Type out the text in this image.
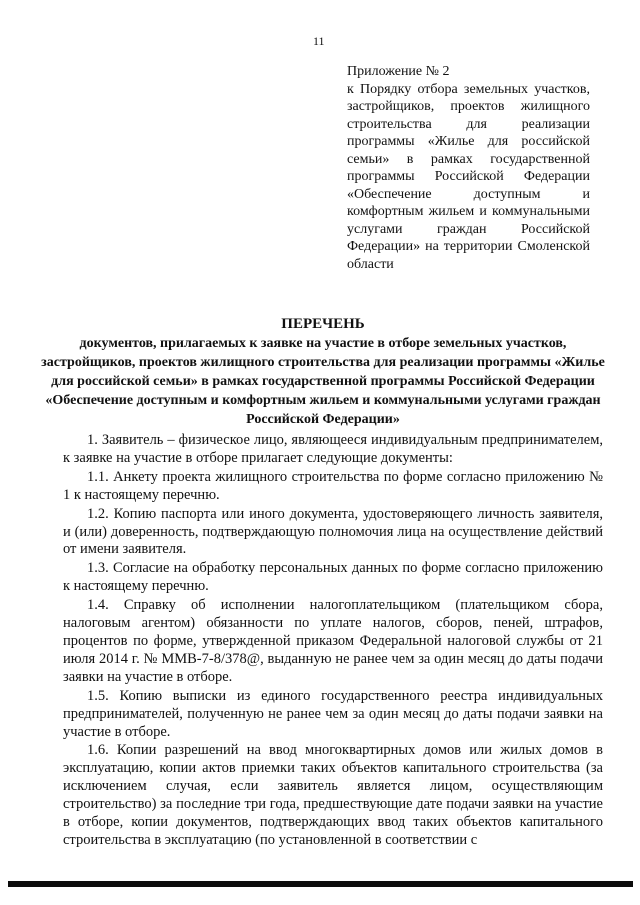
11
Приложение № 2
к Порядку отбора земельных участков, застройщиков, проектов жилищного строительства для реализации программы «Жилье для российской семьи» в рамках государственной программы Российской Федерации «Обеспечение доступным и комфортным жильем и коммунальными услугами граждан Российской Федерации» на территории Смоленской области
ПЕРЕЧЕНЬ
документов, прилагаемых к заявке на участие в отборе земельных участков, застройщиков, проектов жилищного строительства для реализации программы «Жилье для российской семьи» в рамках государственной программы Российской Федерации «Обеспечение доступным и комфортным жильем и коммунальными услугами граждан Российской Федерации»

1. Заявитель – физическое лицо, являющееся индивидуальным предпринимателем, к заявке на участие в отборе прилагает следующие документы:

1.1. Анкету проекта жилищного строительства по форме согласно приложению № 1 к настоящему перечню.

1.2. Копию паспорта или иного документа, удостоверяющего личность заявителя, и (или) доверенность, подтверждающую полномочия лица на осуществление действий от имени заявителя.

1.3. Согласие на обработку персональных данных по форме согласно приложению к настоящему перечню.

1.4. Справку об исполнении налогоплательщиком (плательщиком сбора, налоговым агентом) обязанности по уплате налогов, сборов, пеней, штрафов, процентов по форме, утвержденной приказом Федеральной налоговой службы от 21 июля 2014 г. № ММВ-7-8/378@, выданную не ранее чем за один месяц до даты подачи заявки на участие в отборе.

1.5. Копию выписки из единого государственного реестра индивидуальных предпринимателей, полученную не ранее чем за один месяц до даты подачи заявки на участие в отборе.

1.6. Копии разрешений на ввод многоквартирных домов или жилых домов в эксплуатацию, копии актов приемки таких объектов капитального строительства (за исключением случая, если заявитель является лицом, осуществляющим строительство) за последние три года, предшествующие дате подачи заявки на участие в отборе, копии документов, подтверждающих ввод таких объектов капитального строительства в эксплуатацию (по установленной в соответствии с
